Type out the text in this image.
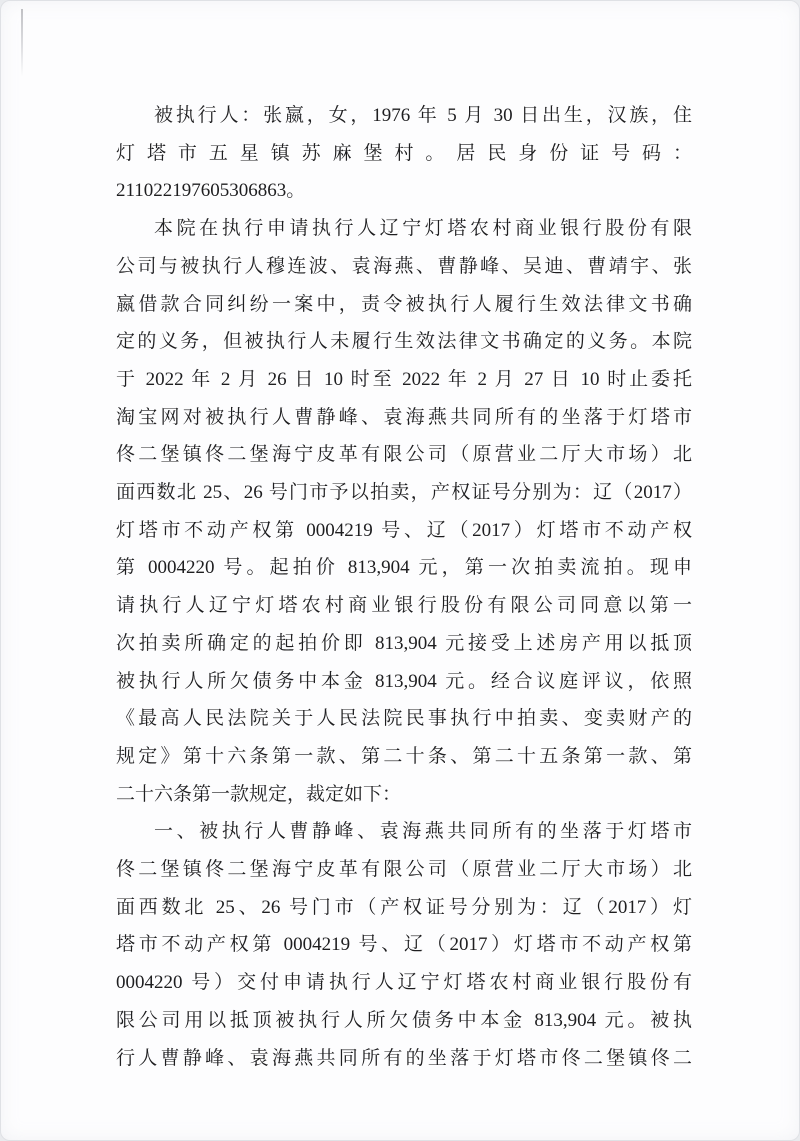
被执行人：张嬴，女，1976 年 5 月 30 日出生，汉族，住
灯塔市五星镇苏麻堡村。居民身份证号码：
211022197605306863。
本院在执行申请执行人辽宁灯塔农村商业银行股份有限
公司与被执行人穆连波、袁海燕、曹静峰、吴迪、曹靖宇、张
嬴借款合同纠纷一案中，责令被执行人履行生效法律文书确
定的义务，但被执行人未履行生效法律文书确定的义务。本院
于 2022 年 2 月 26 日 10 时至 2022 年 2 月 27 日 10 时止委托
淘宝网对被执行人曹静峰、袁海燕共同所有的坐落于灯塔市
佟二堡镇佟二堡海宁皮革有限公司（原营业二厅大市场）北
面西数北 25、26 号门市予以拍卖，产权证号分别为：辽（2017）
灯塔市不动产权第 0004219 号、辽（2017）灯塔市不动产权
第 0004220 号。起拍价 813,904 元，第一次拍卖流拍。现申
请执行人辽宁灯塔农村商业银行股份有限公司同意以第一
次拍卖所确定的起拍价即 813,904 元接受上述房产用以抵顶
被执行人所欠债务中本金 813,904 元。经合议庭评议，依照
《最高人民法院关于人民法院民事执行中拍卖、变卖财产的
规定》第十六条第一款、第二十条、第二十五条第一款、第
二十六条第一款规定，裁定如下：
一、被执行人曹静峰、袁海燕共同所有的坐落于灯塔市
佟二堡镇佟二堡海宁皮革有限公司（原营业二厅大市场）北
面西数北 25、26 号门市（产权证号分别为：辽（2017）灯
塔市不动产权第 0004219 号、辽（2017）灯塔市不动产权第
0004220 号）交付申请执行人辽宁灯塔农村商业银行股份有
限公司用以抵顶被执行人所欠债务中本金 813,904 元。被执
行人曹静峰、袁海燕共同所有的坐落于灯塔市佟二堡镇佟二
